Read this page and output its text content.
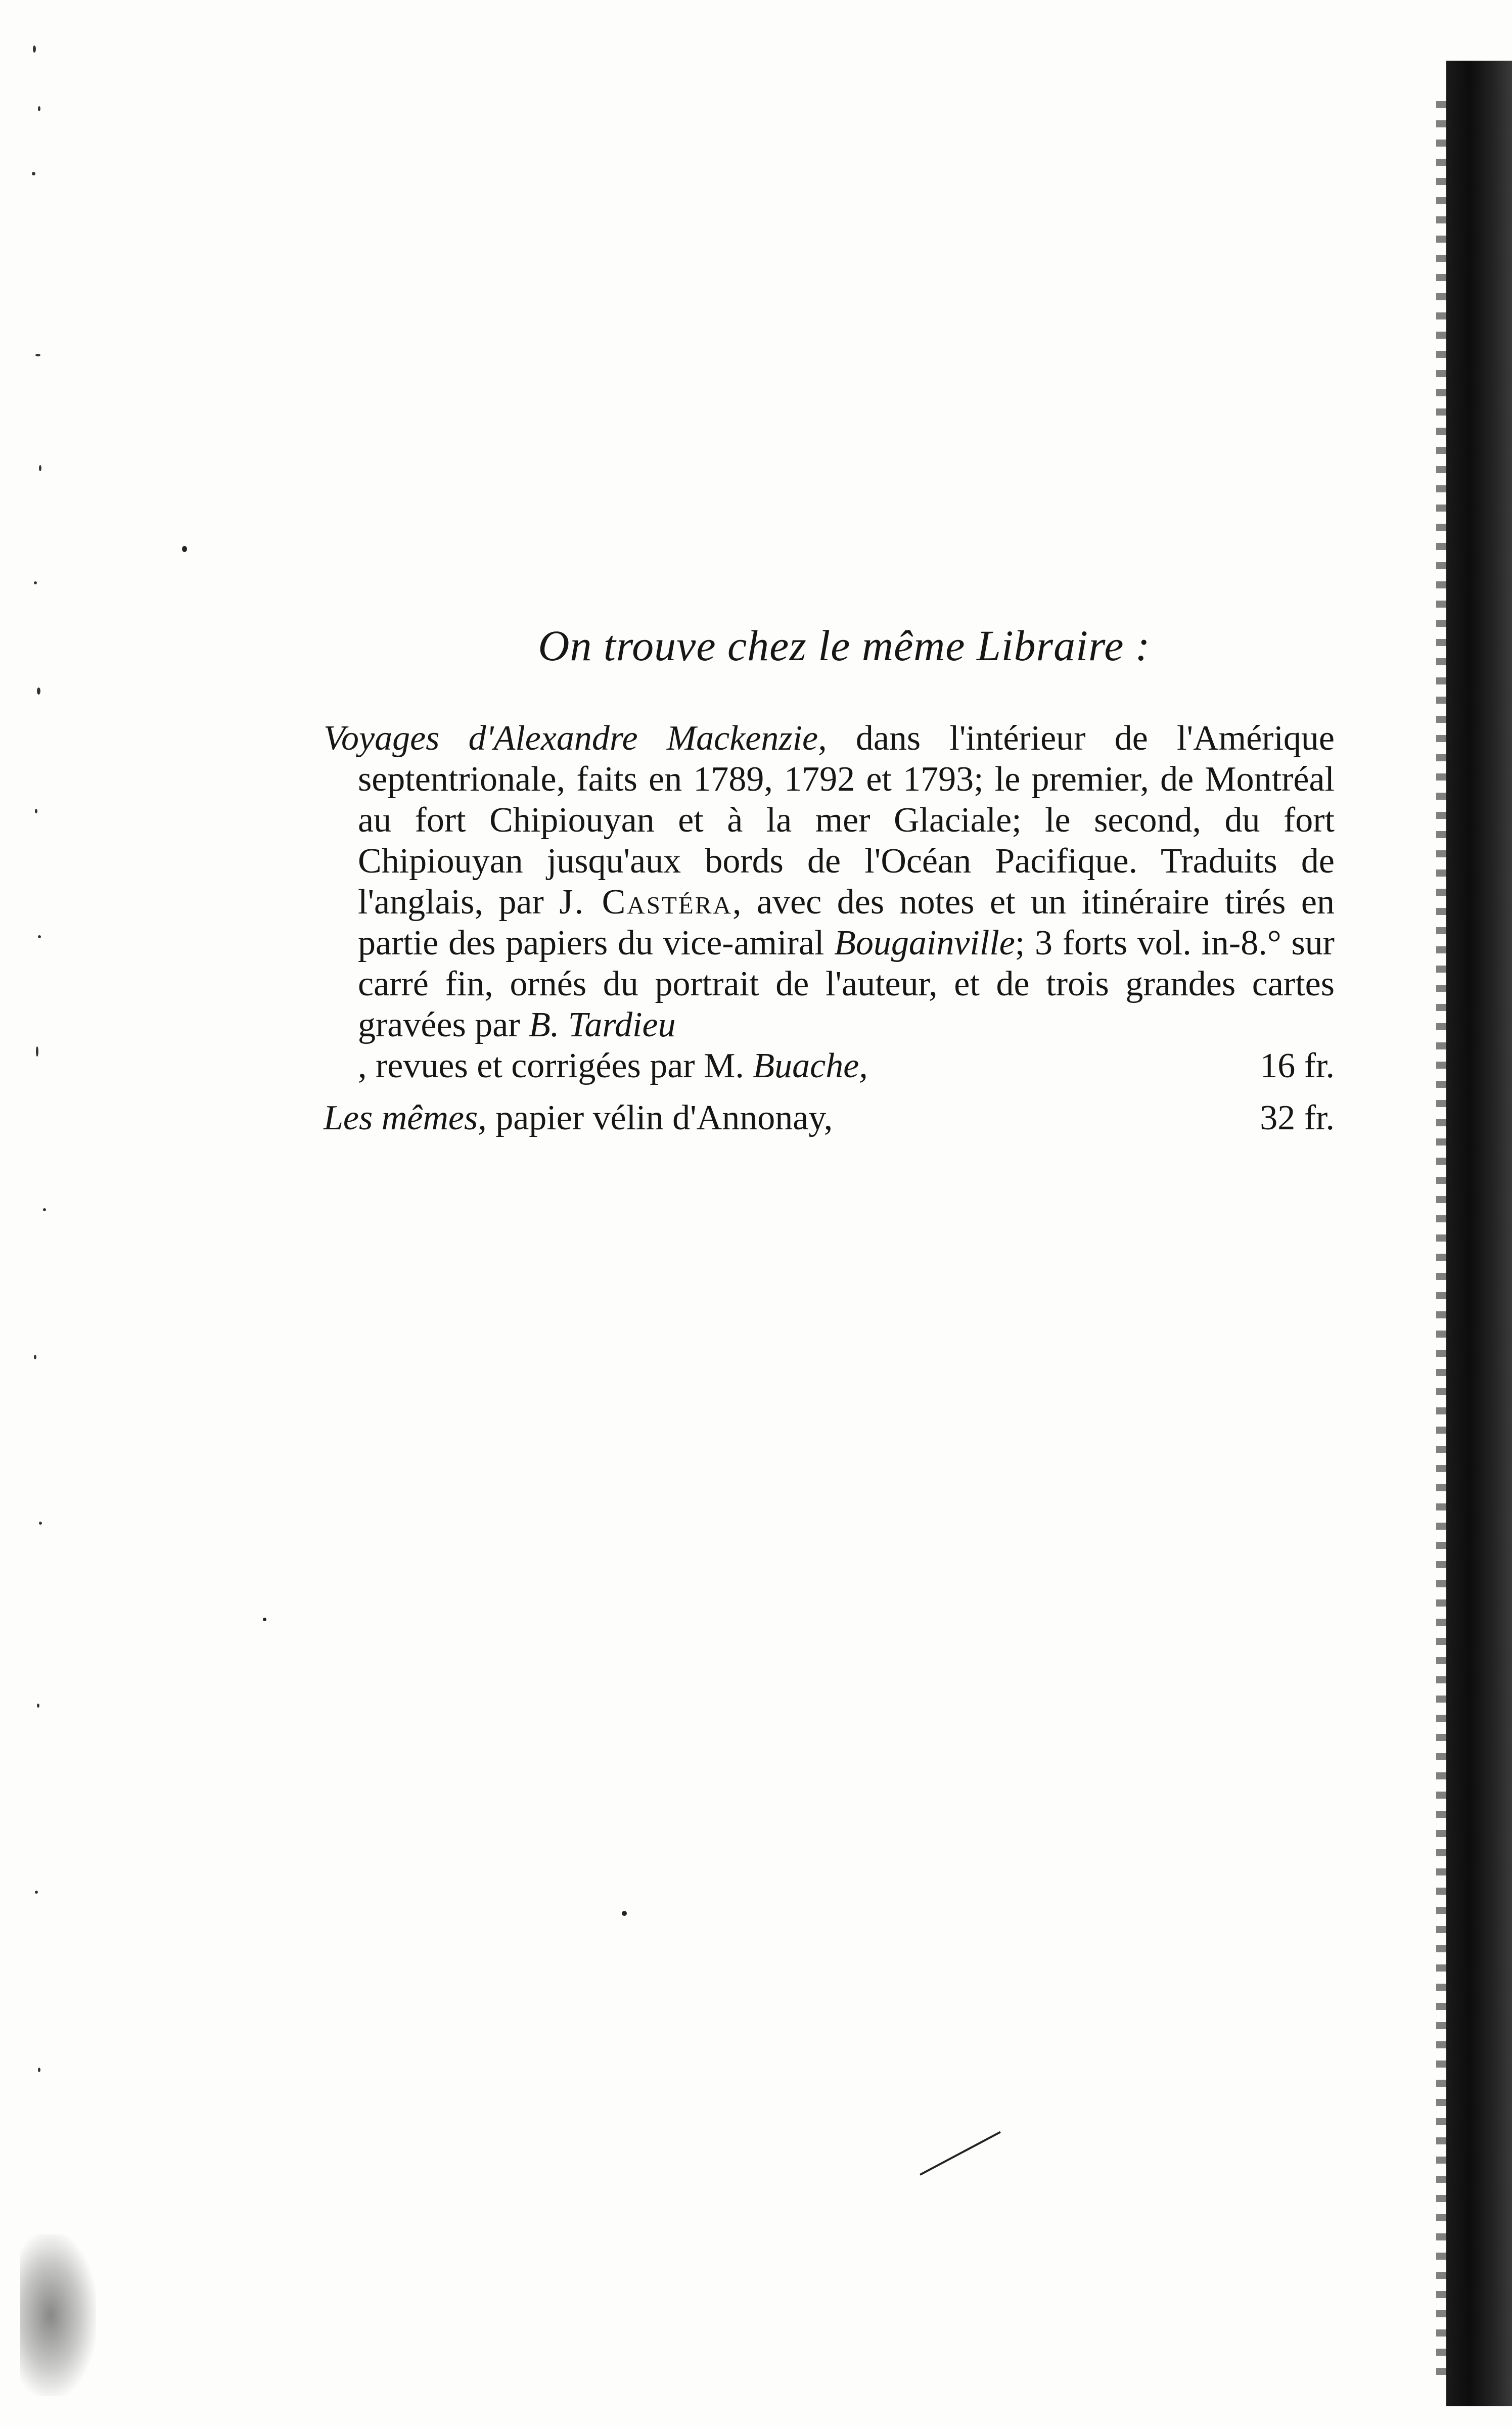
On trouve chez le même Libraire :
Voyages d'Alexandre Mackenzie, dans l'intérieur de l'Amérique septentrionale, faits en 1789, 1792 et 1793; le premier, de Montréal au fort Chipiouyan et à la mer Glaciale; le second, du fort Chipiouyan jusqu'aux bords de l'Océan Pacifique. Traduits de l'anglais, par J. Castéra, avec des notes et un itinéraire tirés en partie des papiers du vice-amiral Bougainville; 3 forts vol. in-8.° sur carré fin, ornés du portrait de l'auteur, et de trois grandes cartes gravées par B. Tardieu
, revues et corrigées par M. Buache,	16 fr.
Les mêmes, papier vélin d'Annonay,	32 fr.
